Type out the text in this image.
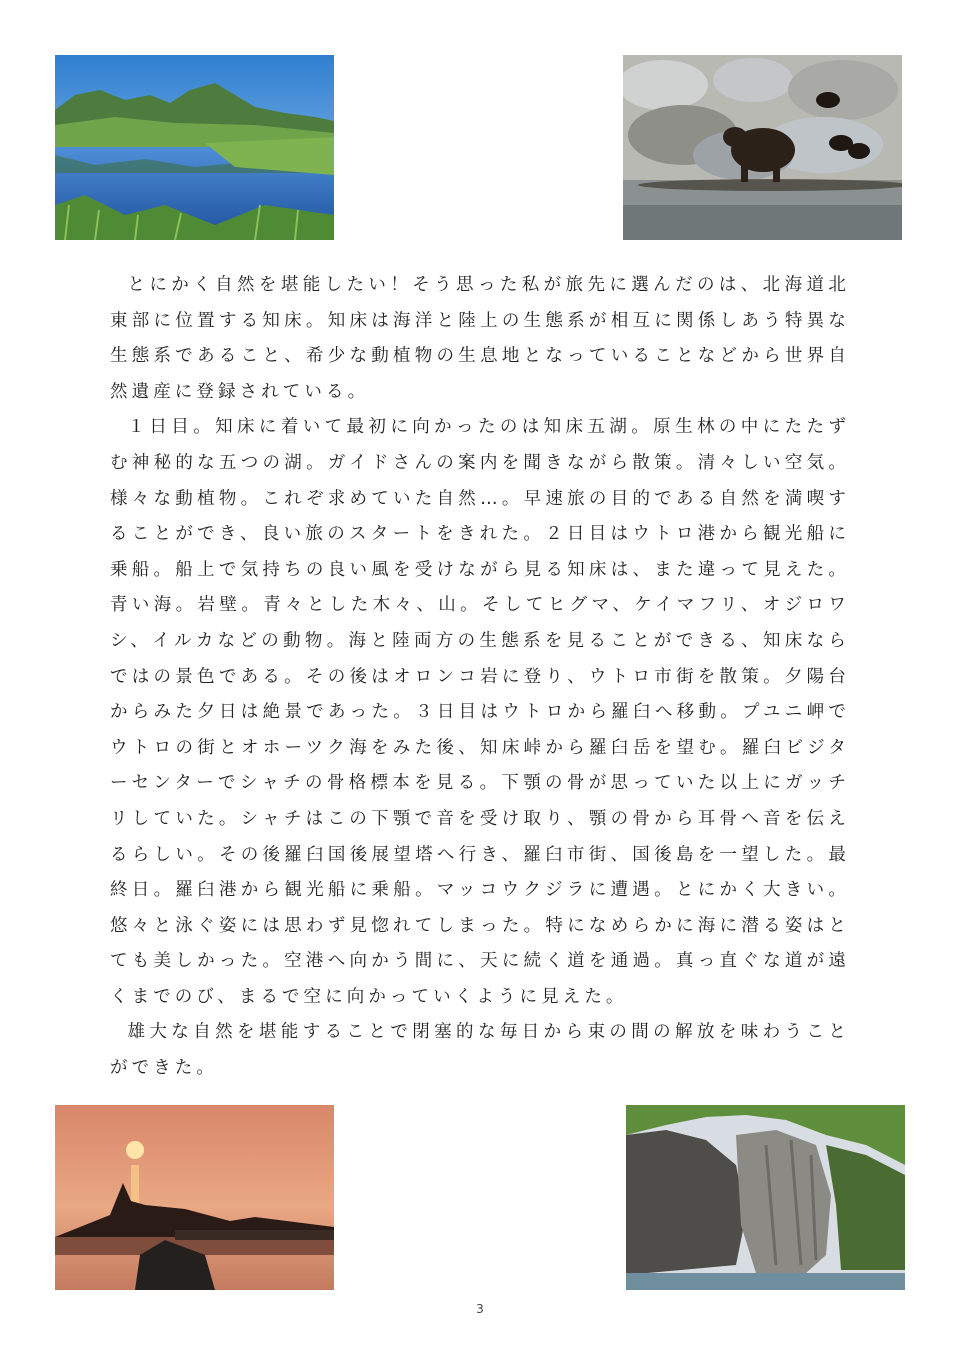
とにかく自然を堪能したい！そう思った私が旅先に選んだのは、北海道北東部に位置する知床。知床は海洋と陸上の生態系が相互に関係しあう特異な生態系であること、希少な動植物の生息地となっていることなどから世界自然遺産に登録されている。

１日目。知床に着いて最初に向かったのは知床五湖。原生林の中にたたずむ神秘的な五つの湖。ガイドさんの案内を聞きながら散策。清々しい空気。様々な動植物。これぞ求めていた自然…。早速旅の目的である自然を満喫することができ、良い旅のスタートをきれた。２日目はウトロ港から観光船に乗船。船上で気持ちの良い風を受けながら見る知床は、また違って見えた。青い海。岩壁。青々とした木々、山。そしてヒグマ、ケイマフリ、オジロワシ、イルカなどの動物。海と陸両方の生態系を見ることができる、知床ならではの景色である。その後はオロンコ岩に登り、ウトロ市街を散策。夕陽台からみた夕日は絶景であった。３日目はウトロから羅臼へ移動。プユニ岬でウトロの街とオホーツク海をみた後、知床峠から羅臼岳を望む。羅臼ビジターセンターでシャチの骨格標本を見る。下顎の骨が思っていた以上にガッチリしていた。シャチはこの下顎で音を受け取り、顎の骨から耳骨へ音を伝えるらしい。その後羅臼国後展望塔へ行き、羅臼市街、国後島を一望した。最終日。羅臼港から観光船に乗船。マッコウクジラに遭遇。とにかく大きい。悠々と泳ぐ姿には思わず見惚れてしまった。特になめらかに海に潜る姿はとても美しかった。空港へ向かう間に、天に続く道を通過。真っ直ぐな道が遠くまでのび、まるで空に向かっていくように見えた。

雄大な自然を堪能することで閉塞的な毎日から束の間の解放を味わうことができた。

3
